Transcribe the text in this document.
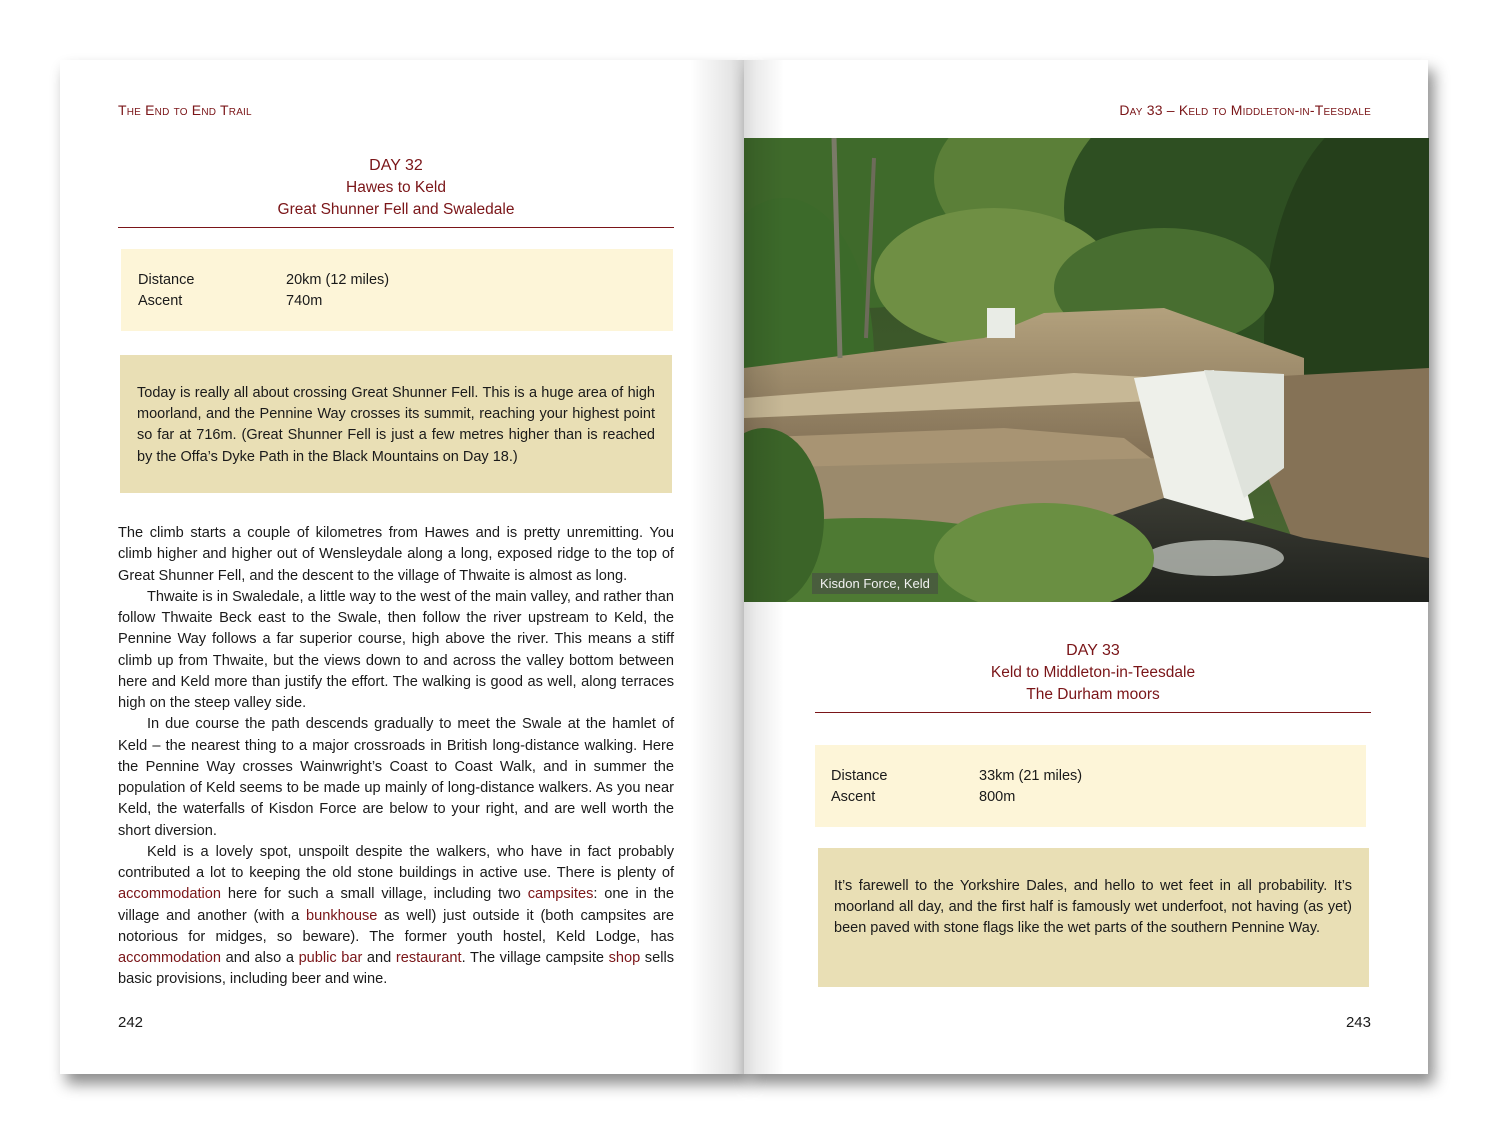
The End to End Trail
DAY 32
Hawes to Keld
Great Shunner Fell and Swaledale
Distance	20km (12 miles)
Ascent	740m
Today is really all about crossing Great Shunner Fell. This is a huge area of high moorland, and the Pennine Way crosses its summit, reaching your highest point so far at 716m. (Great Shunner Fell is just a few metres higher than is reached by the Offa’s Dyke Path in the Black Mountains on Day 18.)

The climb starts a couple of kilometres from Hawes and is pretty unremitting. You climb higher and higher out of Wensleydale along a long, exposed ridge to the top of Great Shunner Fell, and the descent to the village of Thwaite is almost as long.

Thwaite is in Swaledale, a little way to the west of the main valley, and rather than follow Thwaite Beck east to the Swale, then follow the river upstream to Keld, the Pennine Way follows a far superior course, high above the river. This means a stiff climb up from Thwaite, but the views down to and across the valley bottom between here and Keld more than justify the effort. The walking is good as well, along terraces high on the steep valley side.

In due course the path descends gradually to meet the Swale at the hamlet of Keld – the nearest thing to a major crossroads in British long-distance walking. Here the Pennine Way crosses Wainwright’s Coast to Coast Walk, and in summer the population of Keld seems to be made up mainly of long-distance walkers. As you near Keld, the waterfalls of Kisdon Force are below to your right, and are well worth the short diversion.

Keld is a lovely spot, unspoilt despite the walkers, who have in fact probably contributed a lot to keeping the old stone buildings in active use. There is plenty of accommodation here for such a small village, including two campsites: one in the village and another (with a bunkhouse as well) just outside it (both campsites are notorious for midges, so beware). The former youth hostel, Keld Lodge, has accommodation and also a public bar and restaurant. The village campsite shop sells basic provisions, including beer and wine.

242
Day 33 – Keld to Middleton-in-Teesdale
Kisdon Force, Keld
DAY 33
Keld to Middleton-in-Teesdale
The Durham moors
Distance	33km (21 miles)
Ascent	800m
It’s farewell to the Yorkshire Dales, and hello to wet feet in all probability. It’s moorland all day, and the first half is famously wet underfoot, not having (as yet) been paved with stone flags like the wet parts of the southern Pennine Way.
243
